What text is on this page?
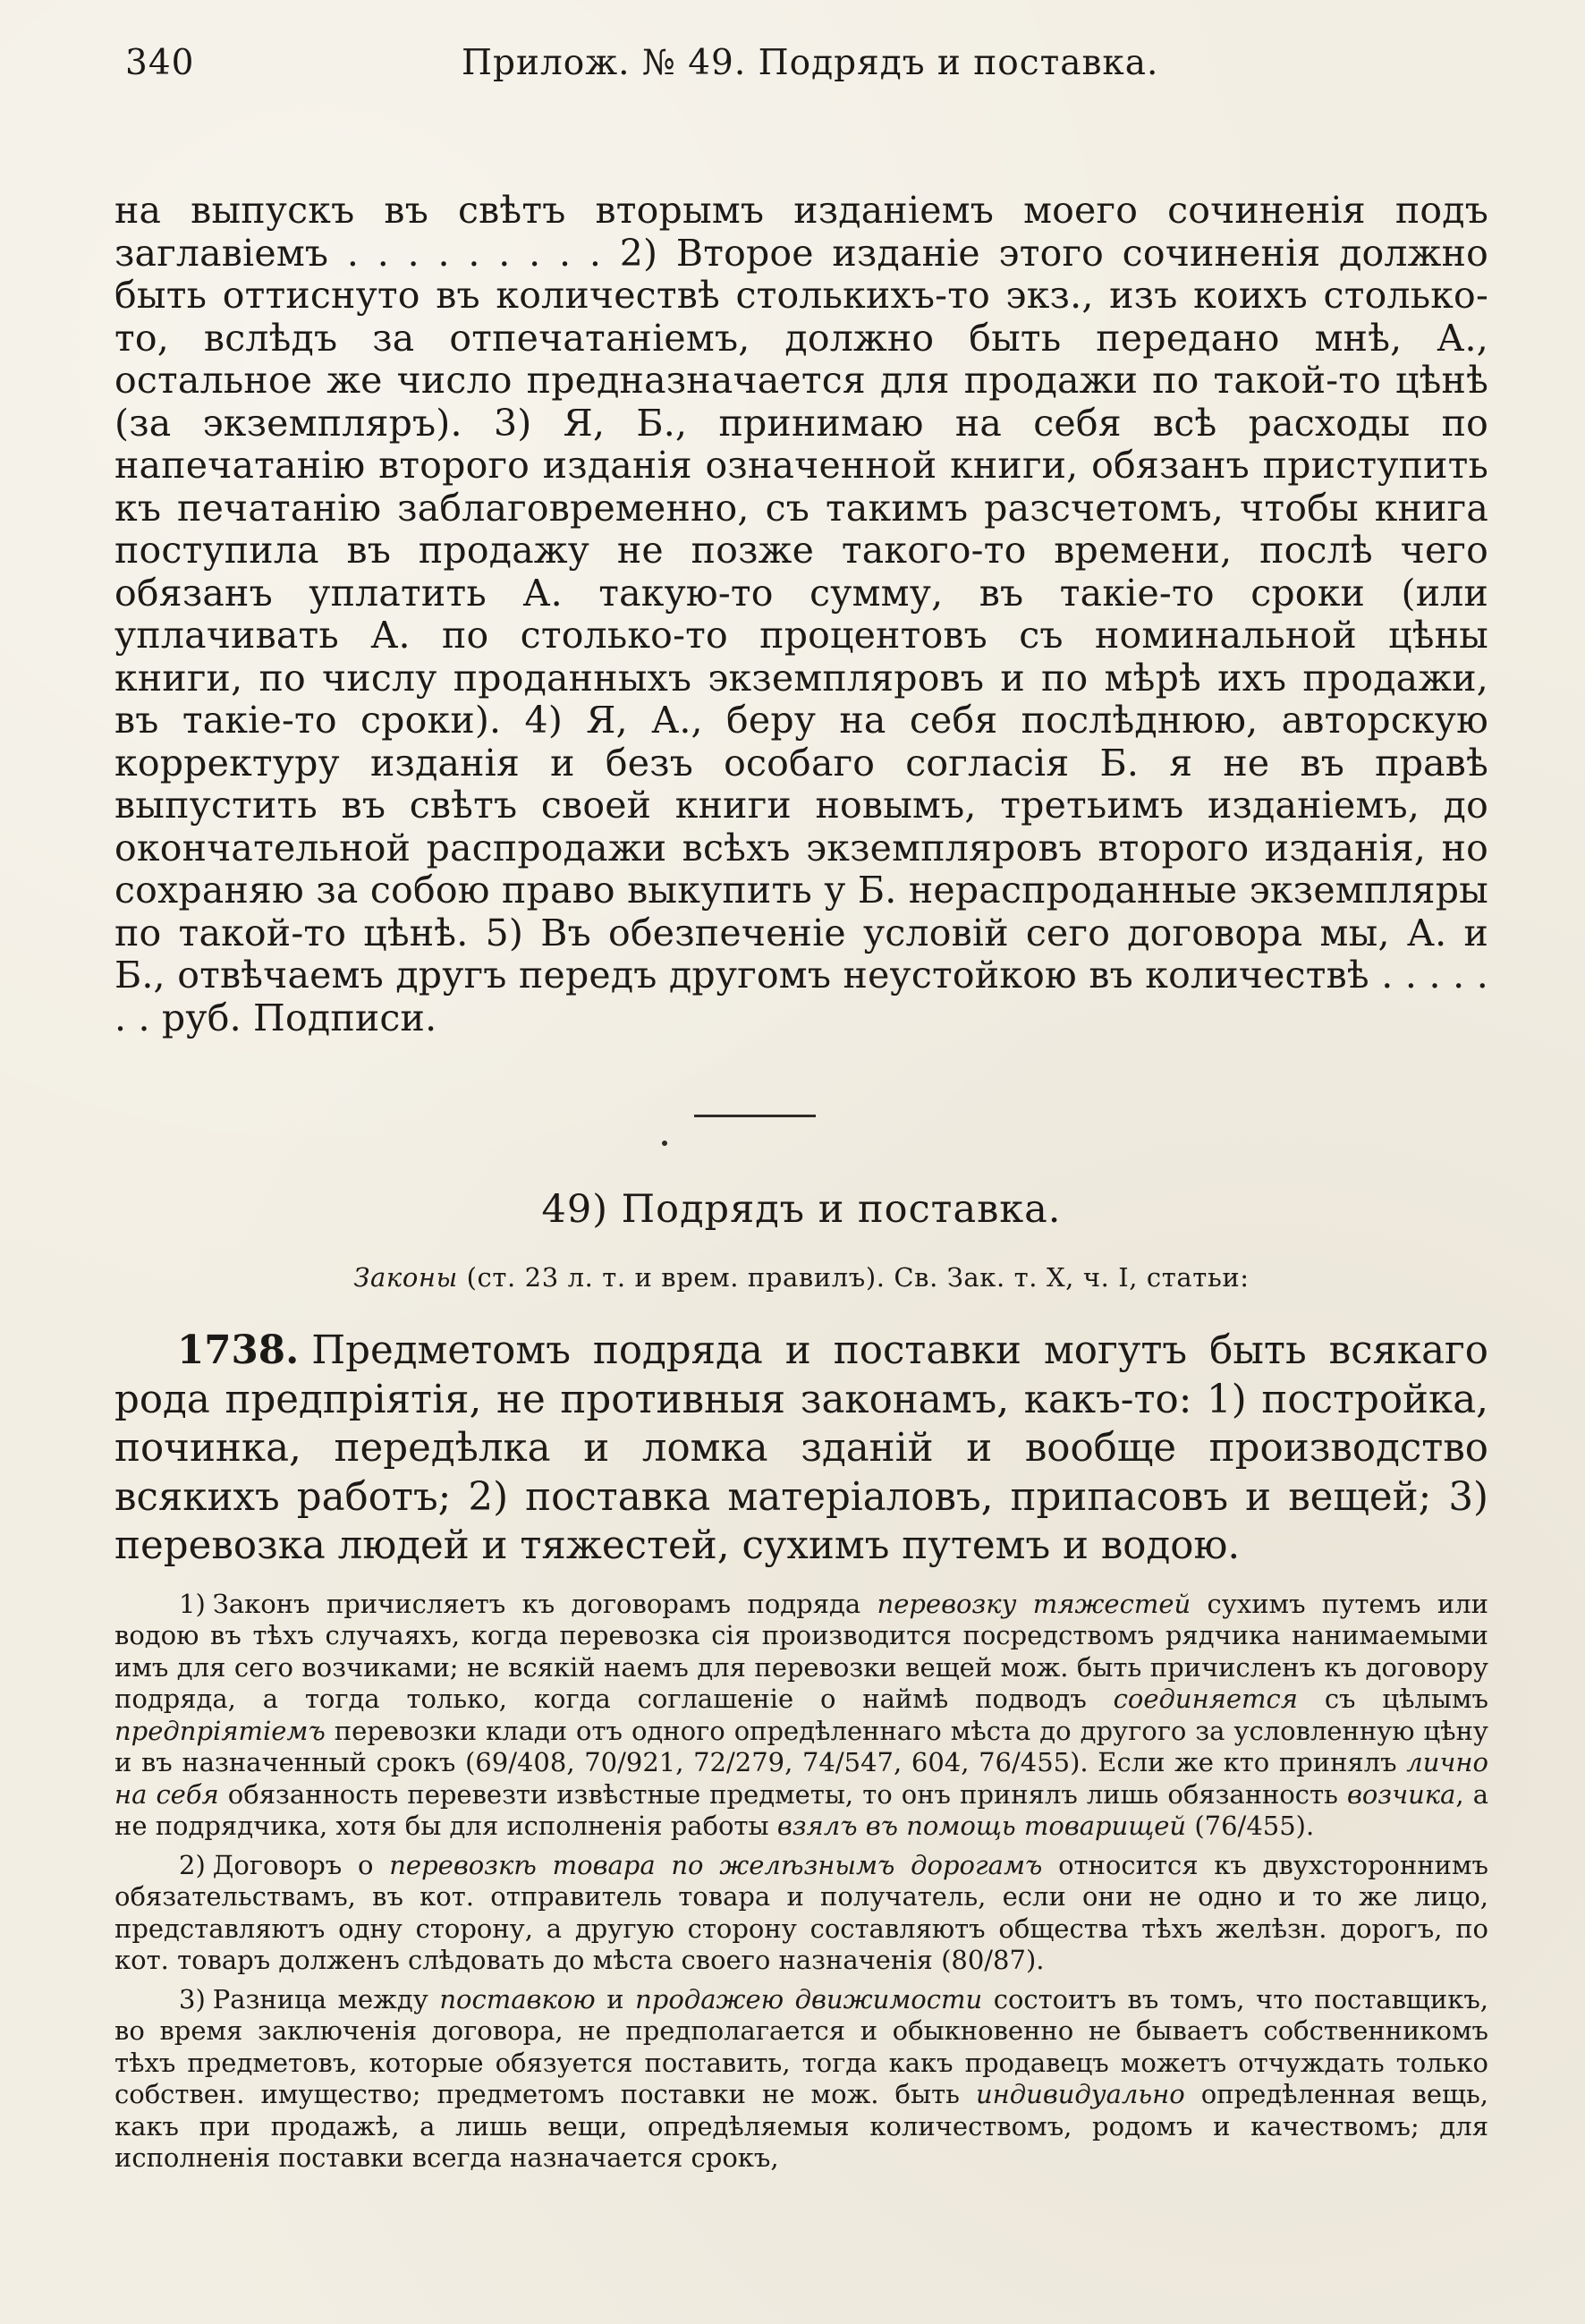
340	Прилож. № 49. Подрядъ и поставка.
на выпускъ въ свѣтъ вторымъ изданіемъ моего сочиненія подъ заглавіемъ . . . . . . . . . 2) Второе изданіе этого сочиненія должно быть оттиснуто въ количествѣ столькихъ-то экз., изъ коихъ столько-то, вслѣдъ за отпечатаніемъ, должно быть передано мнѣ, А., остальное же число предназначается для продажи по такой-то цѣнѣ (за экземпляръ). 3) Я, Б., принимаю на себя всѣ расходы по напечатанію второго изданія означенной книги, обязанъ приступить къ печатанію заблаговременно, съ такимъ разсчетомъ, чтобы книга поступила въ продажу не позже такого-то времени, послѣ чего обязанъ уплатить А. такую-то сумму, въ такіе-то сроки (или уплачивать А. по столько-то процентовъ съ номинальной цѣны книги, по числу проданныхъ экземпляровъ и по мѣрѣ ихъ продажи, въ такіе-то сроки). 4) Я, А., беру на себя послѣднюю, авторскую корректуру изданія и безъ особаго согласія Б. я не въ правѣ выпустить въ свѣтъ своей книги новымъ, третьимъ изданіемъ, до окончательной распродажи всѣхъ экземпляровъ второго изданія, но сохраняю за собою право выкупить у Б. нераспроданные экземпляры по такой-то цѣнѣ. 5) Въ обезпеченіе условій сего договора мы, А. и Б., отвѣчаемъ другъ передъ другомъ неустойкою въ количествѣ . . . . . . . руб. Подписи.
49) Подрядъ и поставка.
Законы (ст. 23 л. т. и врем. правилъ). Св. Зак. т. X, ч. I, статьи:
1738. Предметомъ подряда и поставки могутъ быть всякаго рода предпріятія, не противныя законамъ, какъ-то: 1) постройка, починка, передѣлка и ломка зданій и вообще производство всякихъ работъ; 2) поставка матеріаловъ, припасовъ и вещей; 3) перевозка людей и тяжестей, сухимъ путемъ и водою.
1) Законъ причисляетъ къ договорамъ подряда перевозку тяжестей сухимъ путемъ или водою въ тѣхъ случаяхъ, когда перевозка сія производится посредствомъ рядчика нанимаемыми имъ для сего возчиками; не всякій наемъ для перевозки вещей мож. быть причисленъ къ договору подряда, а тогда только, когда соглашеніе о наймѣ подводъ соединяется съ цѣлымъ предпріятіемъ перевозки клади отъ одного опредѣленнаго мѣста до другого за условленную цѣну и въ назначенный срокъ (69/408, 70/921, 72/279, 74/547, 604, 76/455). Если же кто принялъ лично на себя обязанность перевезти извѣстные предметы, то онъ принялъ лишь обязанность возчика, а не подрядчика, хотя бы для исполненія работы взялъ въ помощь товарищей (76/455).
2) Договоръ о перевозкѣ товара по желѣзнымъ дорогамъ относится къ двухстороннимъ обязательствамъ, въ кот. отправитель товара и получатель, если они не одно и то же лицо, представляютъ одну сторону, а другую сторону составляютъ общества тѣхъ желѣзн. дорогъ, по кот. товаръ долженъ слѣдовать до мѣста своего назначенія (80/87).
3) Разница между поставкою и продажею движимости состоитъ въ томъ, что поставщикъ, во время заключенія договора, не предполагается и обыкновенно не бываетъ собственникомъ тѣхъ предметовъ, которые обязуется поставить, тогда какъ продавецъ можетъ отчуждать только собствен. имущество; предметомъ поставки не мож. быть индивидуально опредѣленная вещь, какъ при продажѣ, а лишь вещи, опредѣляемыя количествомъ, родомъ и качествомъ; для исполненія поставки всегда назначается срокъ,
